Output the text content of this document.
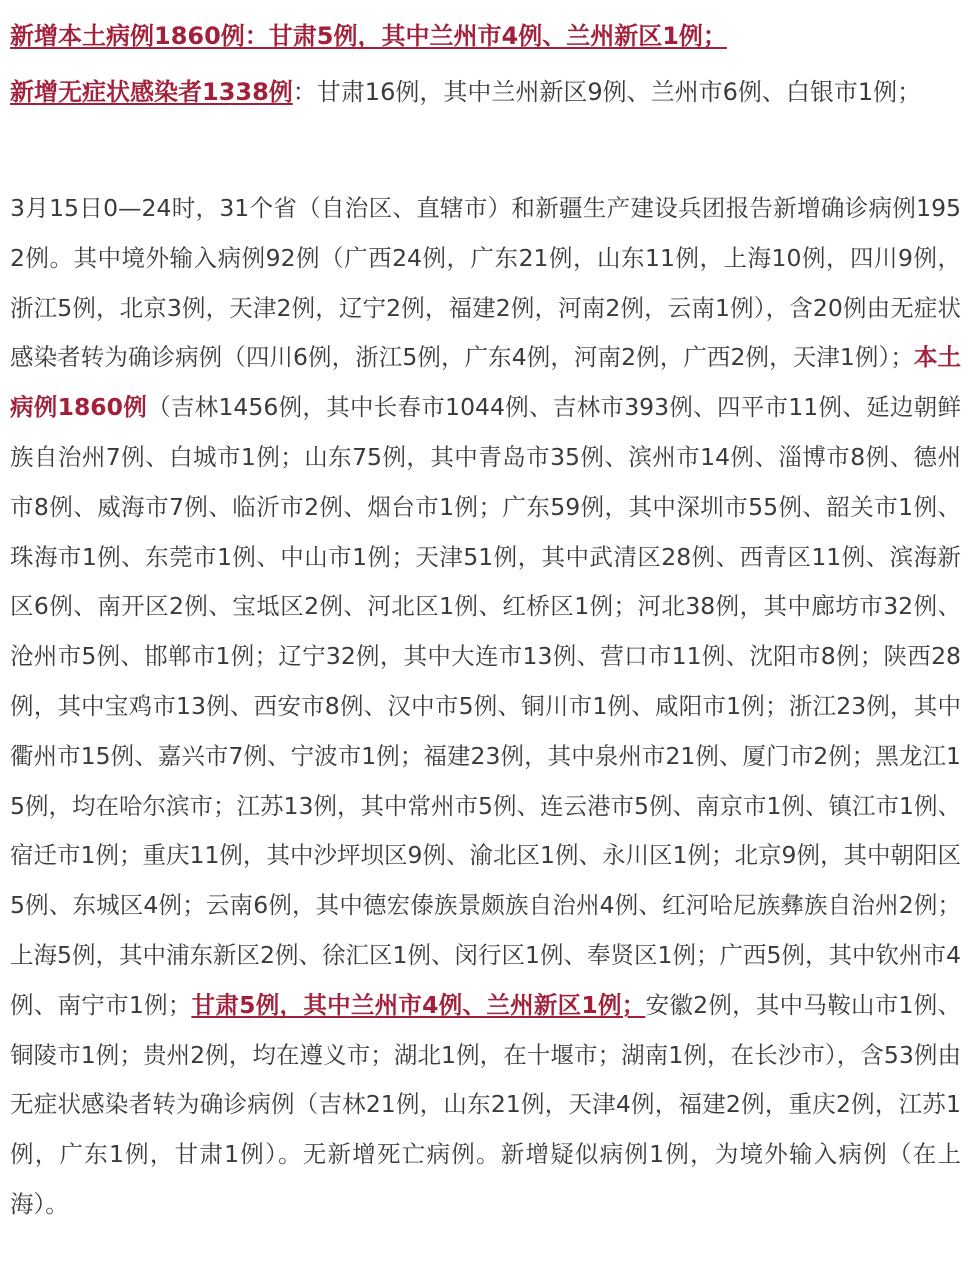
新增本土病例1860例：甘肃5例，其中兰州市4例、兰州新区1例；
新增无症状感染者1338例：甘肃16例，其中兰州新区9例、兰州市6例、白银市1例；

3月15日0—24时，31个省（自治区、直辖市）和新疆生产建设兵团报告新增确诊病例1952例。其中境外输入病例92例（广西24例，广东21例，山东11例，上海10例，四川9例，浙江5例，北京3例，天津2例，辽宁2例，福建2例，河南2例，云南1例），含20例由无症状感染者转为确诊病例（四川6例，浙江5例，广东4例，河南2例，广西2例，天津1例）；本土病例1860例（吉林1456例，其中长春市1044例、吉林市393例、四平市11例、延边朝鲜族自治州7例、白城市1例；山东75例，其中青岛市35例、滨州市14例、淄博市8例、德州市8例、威海市7例、临沂市2例、烟台市1例；广东59例，其中深圳市55例、韶关市1例、珠海市1例、东莞市1例、中山市1例；天津51例，其中武清区28例、西青区11例、滨海新区6例、南开区2例、宝坻区2例、河北区1例、红桥区1例；河北38例，其中廊坊市32例、沧州市5例、邯郸市1例；辽宁32例，其中大连市13例、营口市11例、沈阳市8例；陕西28例，其中宝鸡市13例、西安市8例、汉中市5例、铜川市1例、咸阳市1例；浙江23例，其中衢州市15例、嘉兴市7例、宁波市1例；福建23例，其中泉州市21例、厦门市2例；黑龙江15例，均在哈尔滨市；江苏13例，其中常州市5例、连云港市5例、南京市1例、镇江市1例、宿迁市1例；重庆11例，其中沙坪坝区9例、渝北区1例、永川区1例；北京9例，其中朝阳区5例、东城区4例；云南6例，其中德宏傣族景颇族自治州4例、红河哈尼族彝族自治州2例；上海5例，其中浦东新区2例、徐汇区1例、闵行区1例、奉贤区1例；广西5例，其中钦州市4例、南宁市1例；甘肃5例，其中兰州市4例、兰州新区1例；安徽2例，其中马鞍山市1例、铜陵市1例；贵州2例，均在遵义市；湖北1例，在十堰市；湖南1例，在长沙市），含53例由无症状感染者转为确诊病例（吉林21例，山东21例，天津4例，福建2例，重庆2例，江苏1例，广东1例，甘肃1例）。无新增死亡病例。新增疑似病例1例，为境外输入病例（在上海）。
